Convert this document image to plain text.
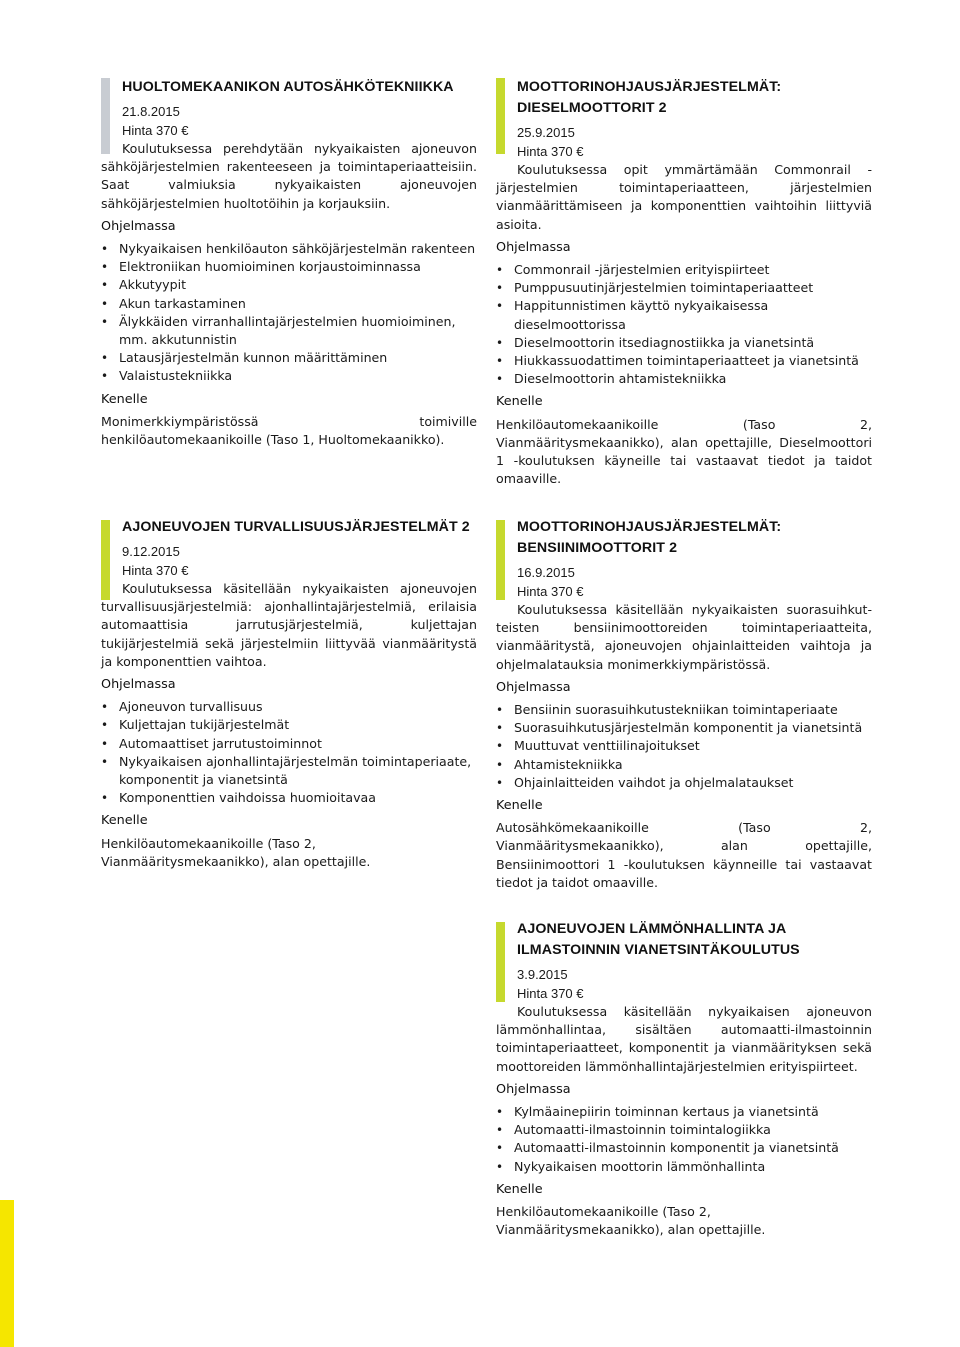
HUOLTOMEKAANIKON AUTOSÄHKÖTEKNIIKKA
21.8.2015
Hinta 370 €

Koulutuksessa perehdytään nykyaikaisten ajoneuvon sähköjärjestelmien rakenteeseen ja toimintaperiaatteisiin. Saat valmiuksia nykyaikaisten ajoneuvojen sähköjärjestelmien huoltotöihin ja korjauksiin.

Ohjelmassa
• Nykyaikaisen henkilöauton sähköjärjestelmän rakenteen
• Elektroniikan huomioiminen korjaustoiminnassa
• Akkutyypit
• Akun tarkastaminen
• Älykkäiden virranhallintajärjestelmien huomioiminen, mm. akkutunnistin
• Latausjärjestelmän kunnon määrittäminen
• Valaistustekniikka
Kenelle

Monimerkkiympäristössä toimiville henkilöautomekaanikoille (Taso 1, Huoltomekaanikko).

MOOTTORINOHJAUSJÄRJESTELMÄT: DIESELMOOTTORIT 2
25.9.2015
Hinta 370 €

Koulutuksessa opit ymmärtämään Commonrail -järjestelmien toimintaperiaatteen, järjestelmien vianmäärittämiseen ja komponenttien vaihtoihin liittyviä asioita.

Ohjelmassa
• Commonrail -järjestelmien erityispiirteet
• Pumppusuutinjärjestelmien toimintaperiaatteet
• Happitunnistimen käyttö nykyaikaisessa dieselmoottorissa
• Dieselmoottorin itsediagnostiikka ja vianetsintä
• Hiukkassuodattimen toimintaperiaatteet ja vianetsintä
• Dieselmoottorin ahtamistekniikka
Kenelle

Henkilöautomekaanikoille (Taso 2, Vianmääritysmekaanikko), alan opettajille, Dieselmoottori 1 -koulutuksen käyneille tai vastaavat tiedot ja taidot omaaville.

AJONEUVOJEN TURVALLISUUSJÄRJESTELMÄT 2
9.12.2015
Hinta 370 €

Koulutuksessa käsitellään nykyaikaisten ajoneuvojen turvallisuusjärjestelmiä: ajonhallintajärjestelmiä, erilaisia automaattisia jarrutusjärjestelmiä, kuljettajan tukijärjestelmiä sekä järjestelmiin liittyvää vianmääritystä ja komponenttien vaihtoa.

Ohjelmassa
• Ajoneuvon turvallisuus
• Kuljettajan tukijärjestelmät
• Automaattiset jarrutustoiminnot
• Nykyaikaisen ajonhallintajärjestelmän toimintaperiaate, komponentit ja vianetsintä
• Komponenttien vaihdoissa huomioitavaa
Kenelle

Henkilöautomekaanikoille (Taso 2, Vianmääritysmekaanikko), alan opettajille.

MOOTTORINOHJAUSJÄRJESTELMÄT: BENSIINIMOOTTORIT 2
16.9.2015
Hinta 370 €

Koulutuksessa käsitellään nykyaikaisten suorasuihkut-teisten bensiinimoottoreiden toimintaperiaatteita, vianmääritystä, ajoneuvojen ohjainlaitteiden vaihtoja ja ohjelmalatauksia monimerkkiympäristössä.

Ohjelmassa
• Bensiinin suorasuihkutustekniikan toimintaperiaate
• Suorasuihkutusjärjestelmän komponentit ja vianetsintä
• Muuttuvat venttiilinajoitukset
• Ahtamistekniikka
• Ohjainlaitteiden vaihdot ja ohjelmalataukset
Kenelle

Autosähkömekaanikoille (Taso 2, Vianmääritysmekaanikko), alan opettajille, Bensiinimoottori 1 -koulutuksen käynneille tai vastaavat tiedot ja taidot omaaville.

AJONEUVOJEN LÄMMÖNHALLINTA JA ILMASTOINNIN VIANETSINTÄKOULUTUS
3.9.2015
Hinta 370 €

Koulutuksessa käsitellään nykyaikaisen ajoneuvon lämmönhallintaa, sisältäen automaatti-ilmastoinnin toimintaperiaatteet, komponentit ja vianmäärityksen sekä moottoreiden lämmönhallintajärjestelmien erityispiirteet.

Ohjelmassa
• Kylmäainepiirin toiminnan kertaus ja vianetsintä
• Automaatti-ilmastoinnin toimintalogiikka
• Automaatti-ilmastoinnin komponentit ja vianetsintä
• Nykyaikaisen moottorin lämmönhallinta
Kenelle

Henkilöautomekaanikoille (Taso 2, Vianmääritysmekaanikko), alan opettajille.
